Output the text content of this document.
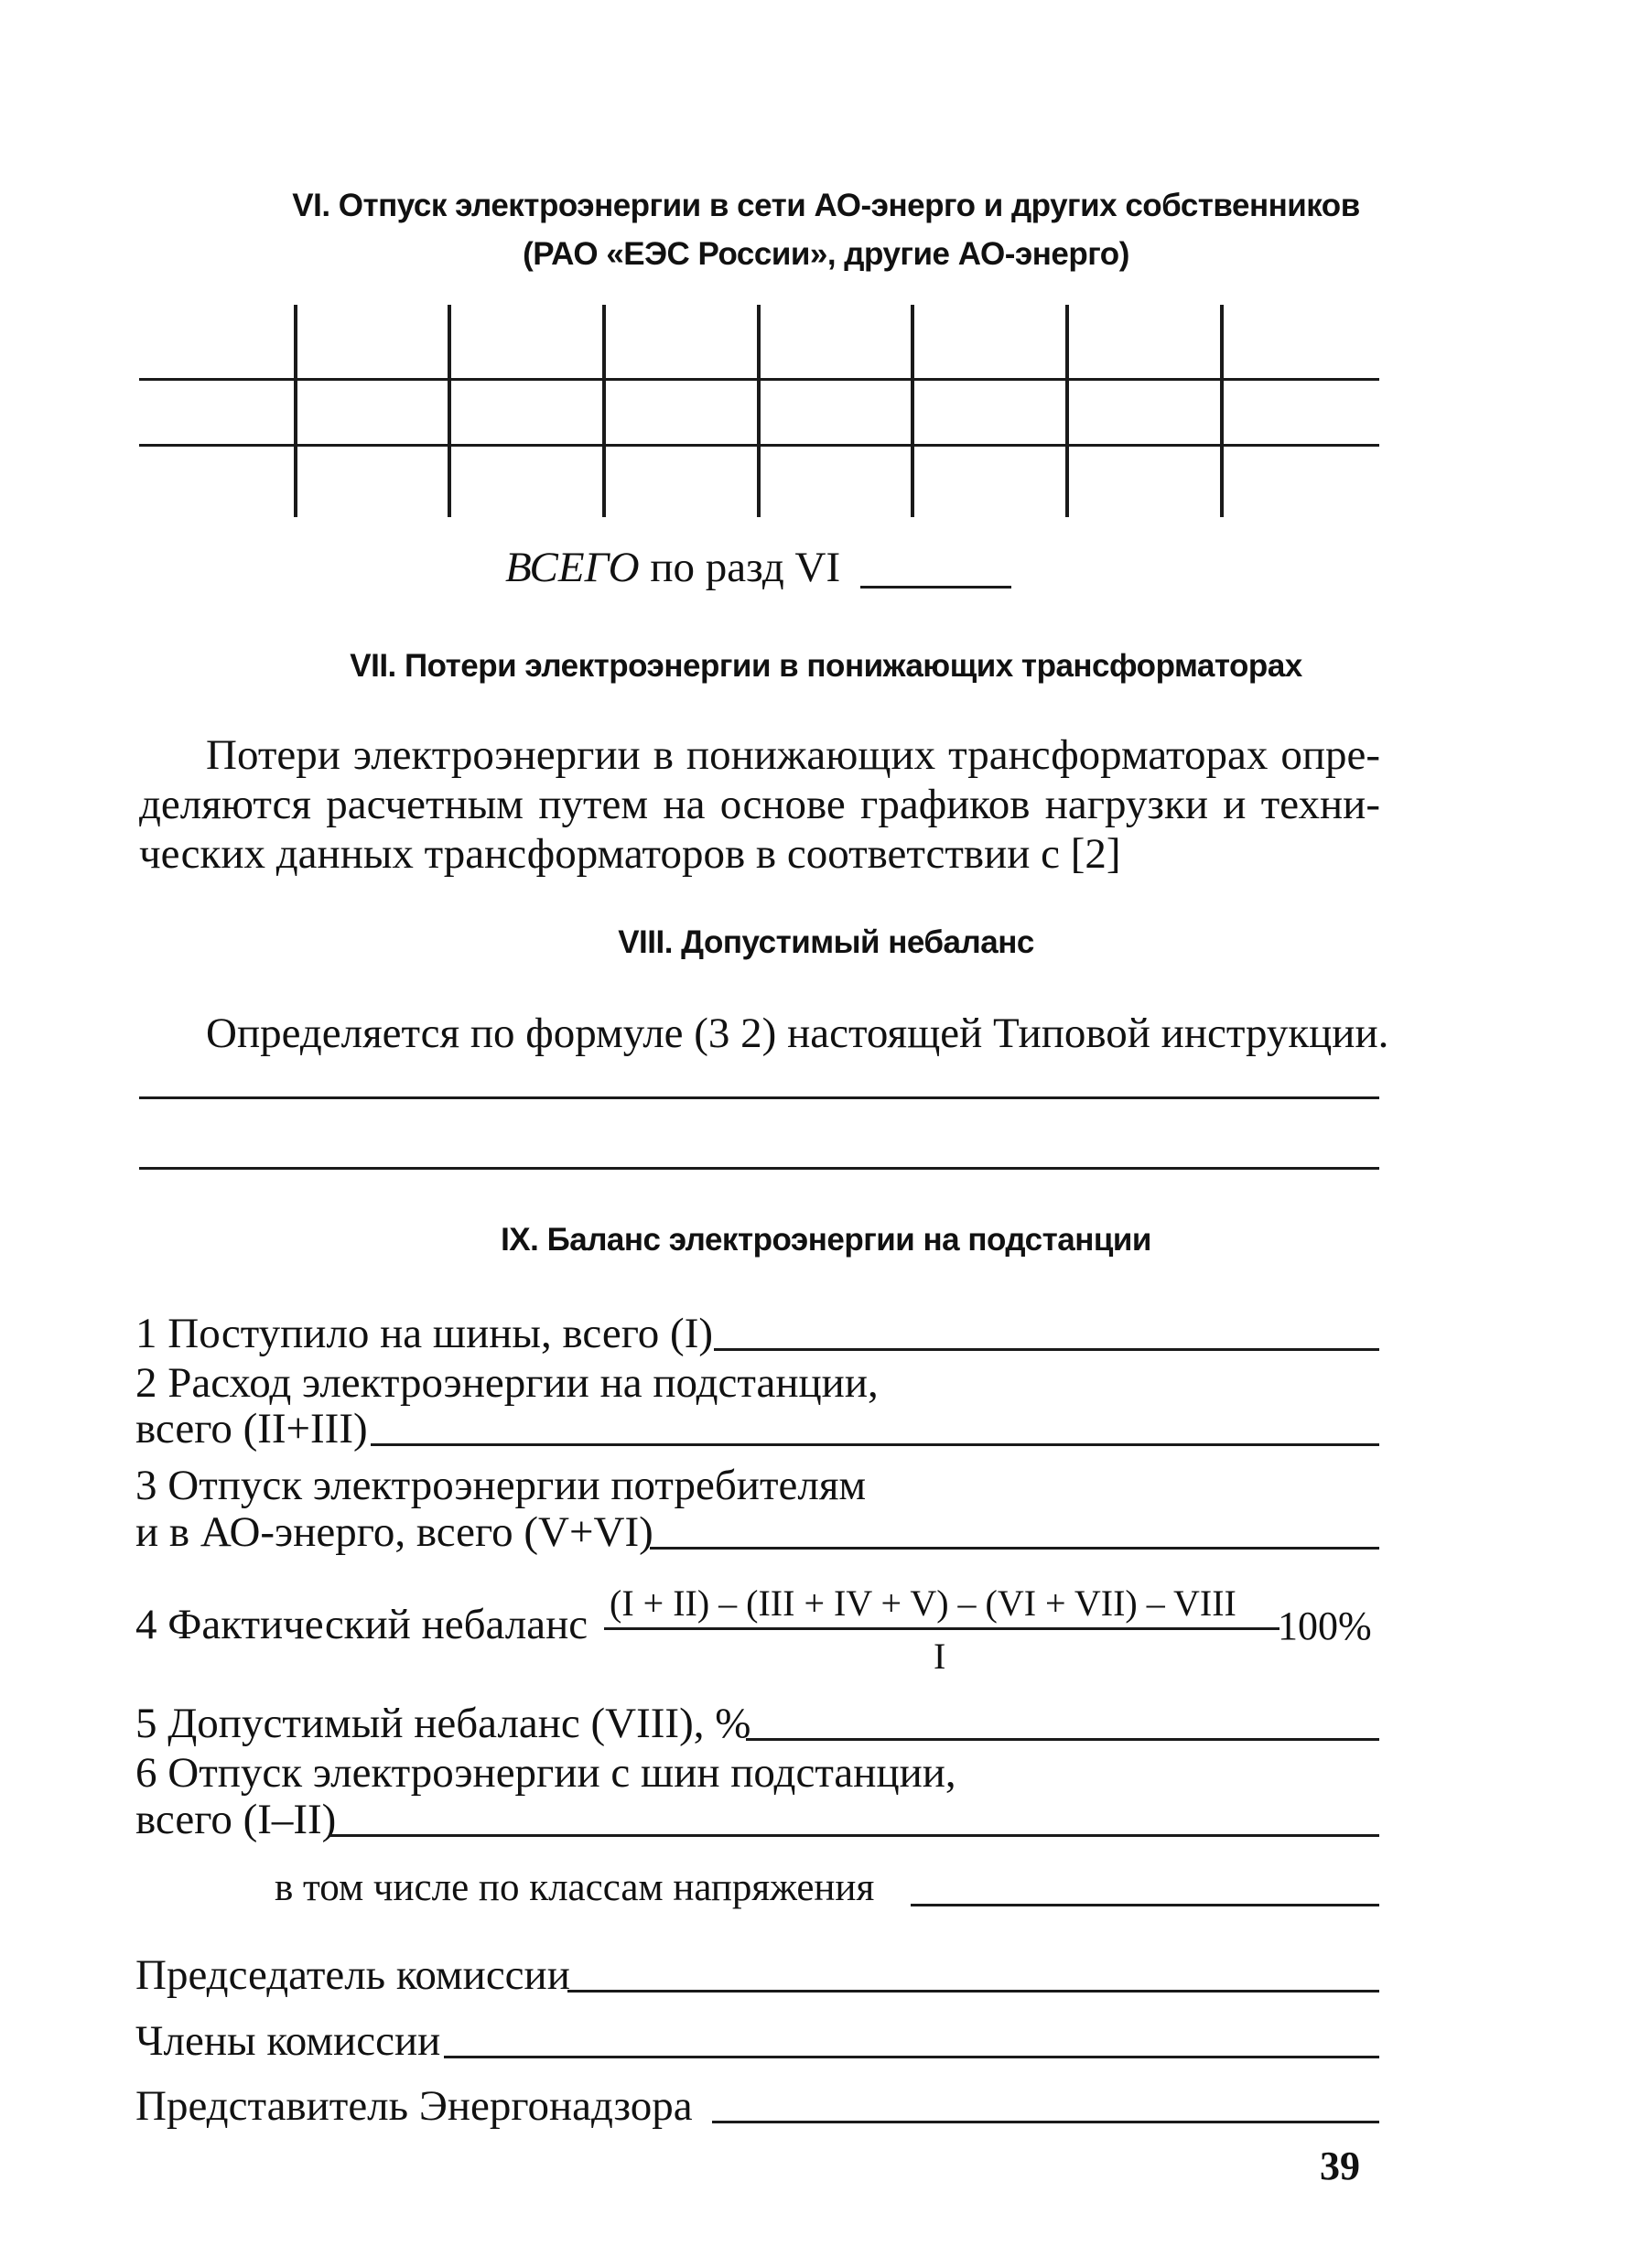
VI. Отпуск электроэнергии в сети АО-энерго и других собственников
(РАО «ЕЭС России», другие АО-энерго)
ВСЕГО по разд VI
VII. Потери электроэнергии в понижающих трансформаторах
Потери электроэнергии в понижающих трансформаторах опре-
деляются расчетным путем на основе графиков нагрузки и техни-
ческих данных трансформаторов в соответствии с [2]
VIII. Допустимый небаланс
Определяется по формуле (3 2) настоящей Типовой инструкции.
IX. Баланс электроэнергии на подстанции
1 Поступило на шины, всего (I)
2 Расход электроэнергии на подстанции,
всего (II+III)
3 Отпуск электроэнергии потребителям
и в АО-энерго, всего (V+VI)
4 Фактический небаланс (I + II) – (III + IV + V) – (VI + VII) – VIII
100%
I
5 Допустимый небаланс (VIII), %
6 Отпуск электроэнергии с шин подстанции,
всего (I–II)
в том числе по классам напряжения
Председатель комиссии
Члены комиссии
Представитель Энергонадзора
39
